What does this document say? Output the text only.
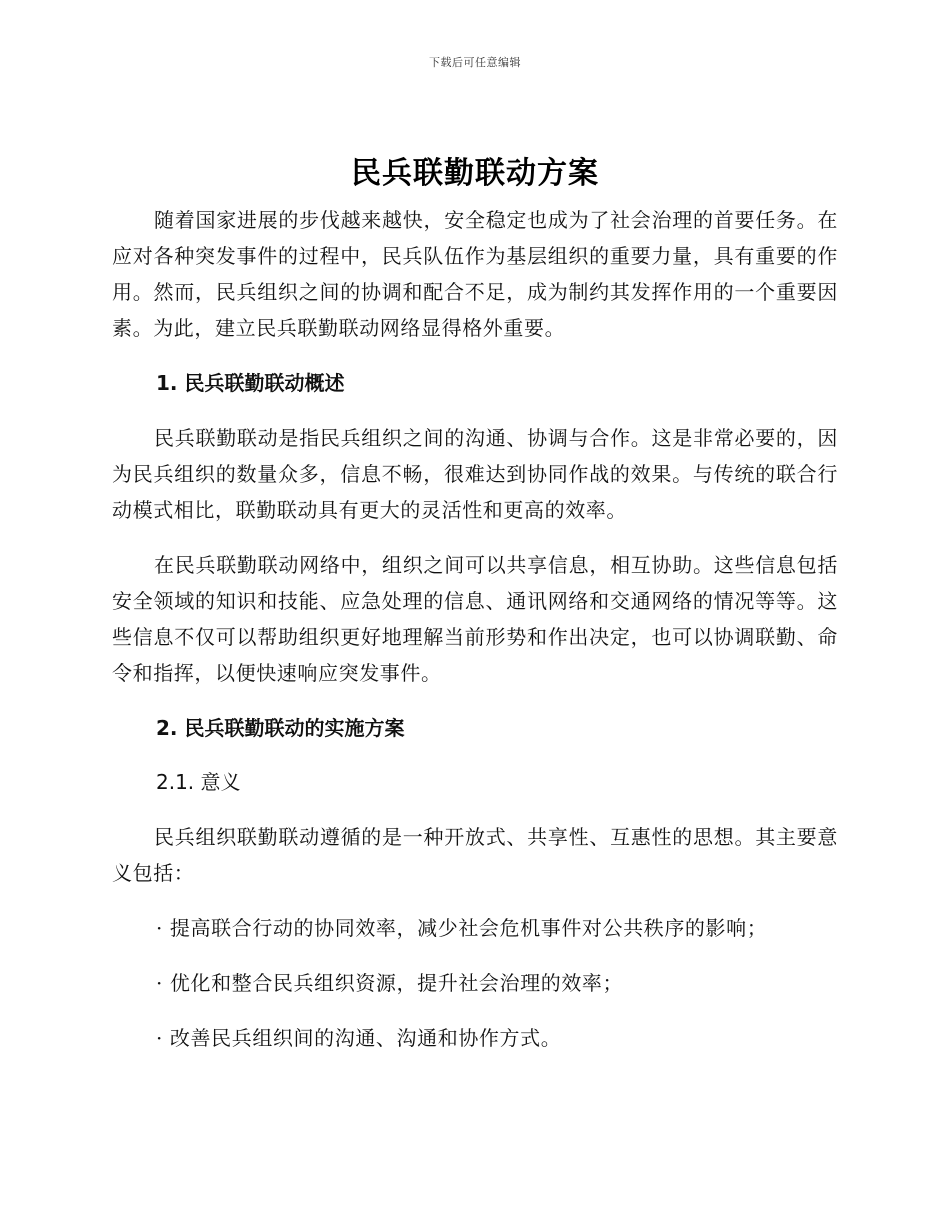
下载后可任意编辑
民兵联勤联动方案

随着国家进展的步伐越来越快，安全稳定也成为了社会治理的首要任务。在应对各种突发事件的过程中，民兵队伍作为基层组织的重要力量，具有重要的作用。然而，民兵组织之间的协调和配合不足，成为制约其发挥作用的一个重要因素。为此，建立民兵联勤联动网络显得格外重要。

1. 民兵联勤联动概述

民兵联勤联动是指民兵组织之间的沟通、协调与合作。这是非常必要的，因为民兵组织的数量众多，信息不畅，很难达到协同作战的效果。与传统的联合行动模式相比，联勤联动具有更大的灵活性和更高的效率。

在民兵联勤联动网络中，组织之间可以共享信息，相互协助。这些信息包括安全领域的知识和技能、应急处理的信息、通讯网络和交通网络的情况等等。这些信息不仅可以帮助组织更好地理解当前形势和作出决定，也可以协调联勤、命令和指挥，以便快速响应突发事件。

2. 民兵联勤联动的实施方案

2.1. 意义

民兵组织联勤联动遵循的是一种开放式、共享性、互惠性的思想。其主要意义包括：

· 提高联合行动的协同效率，减少社会危机事件对公共秩序的影响；

· 优化和整合民兵组织资源，提升社会治理的效率；

· 改善民兵组织间的沟通、沟通和协作方式。
